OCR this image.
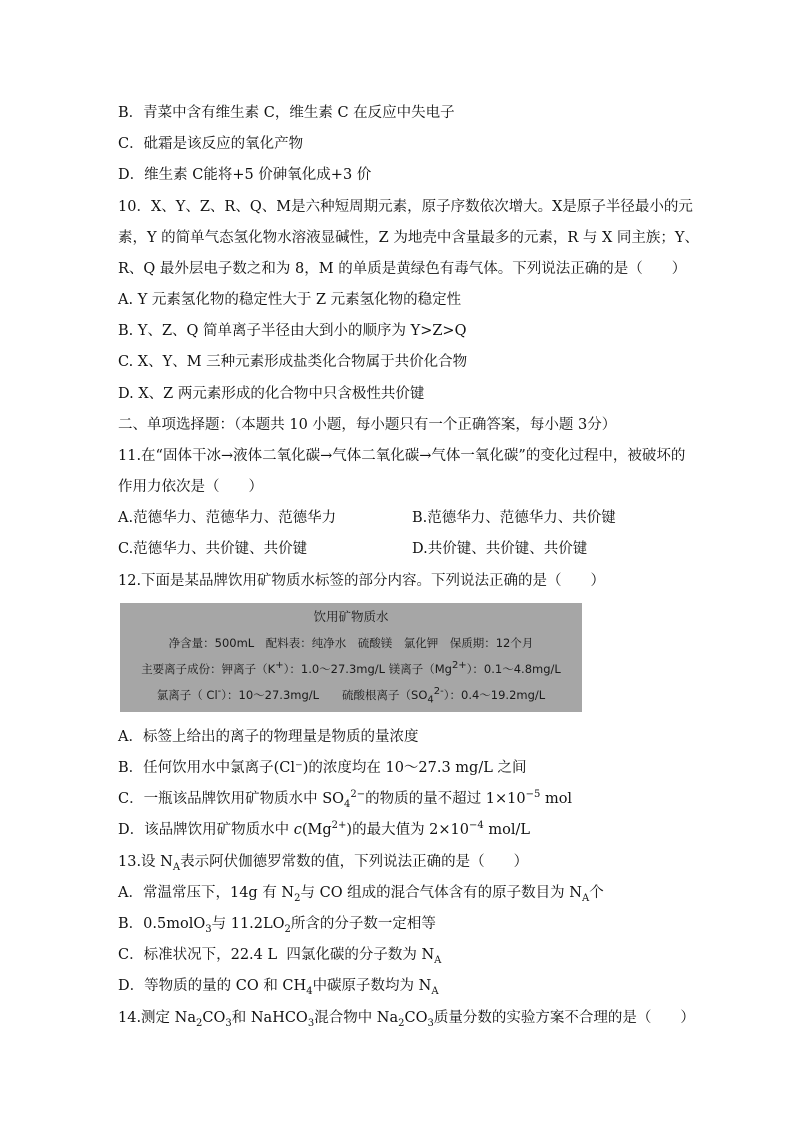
B．青菜中含有维生素 C，维生素 C 在反应中失电子
C．砒霜是该反应的氧化产物
D．维生素 C能将+5 价砷氧化成+3 价
10．X、Y、Z、R、Q、M是六种短周期元素，原子序数依次增大。X是原子半径最小的元
素，Y 的简单气态氢化物水溶液显碱性，Z 为地壳中含量最多的元素，R 与 X 同主族；Y、
R、Q 最外层电子数之和为 8，M 的单质是黄绿色有毒气体。下列说法正确的是（　　）
A. Y 元素氢化物的稳定性大于 Z 元素氢化物的稳定性
B. Y、Z、Q 简单离子半径由大到小的顺序为 Y>Z>Q
C. X、Y、M 三种元素形成盐类化合物属于共价化合物
D. X、Z 两元素形成的化合物中只含极性共价键
二、单项选择题：（本题共 10 小题，每小题只有一个正确答案，每小题 3分）
11.在“固体干冰→液体二氧化碳→气体二氧化碳→气体一氧化碳”的变化过程中，被破坏的
作用力依次是（　　）
A.范德华力、范德华力、范德华力	B.范德华力、范德华力、共价键
C.范德华力、共价键、共价键	D.共价键、共价键、共价键
12.下面是某品牌饮用矿物质水标签的部分内容。下列说法正确的是（　　）
饮用矿物质水
净含量：500mL　配料表：纯净水　硫酸镁　氯化钾　保质期：12个月
主要离子成份：钾离子（K+）：1.0～27.3mg/L 镁离子$(Mg^{2+})$：0.1～4.8mg/L
氯离子（ Cl-）：10～27.3mg/L　　硫酸根离子$(SO_4^{2-})$：0.4～19.2mg/L
A．标签上给出的离子的物理量是物质的量浓度
B．任何饮用水中氯离子(Cl⁻)的浓度均在 10～27.3 mg/L 之间
C．一瓶该品牌饮用矿物质水中 $SO_4^{2-}$的物质的量不超过 $1\times 10^{-5}$ mol
D．该品牌饮用矿物质水中 $c(Mg^{2+})$的最大值为 $2\times 10^{-4}$ mol/L
13.设 $N_A$表示阿伏伽德罗常数的值，下列说法正确的是（　　）
A．常温常压下，14g 有 $N_2$与 CO 组成的混合气体含有的原子数目为 $N_A$个
B．0.5molO$_3$与 $11.2LO_2$所含的分子数一定相等
C．标准状况下，22.4 L  四氯化碳的分子数为 $N_A$
D．等物质的量的 CO 和 $CH_4$中碳原子数均为 $N_A$
14.测定 $Na_2CO_3$和 NaHCO$_3$混合物中 $Na_2CO_3$质量分数的实验方案不合理的是（　　）
